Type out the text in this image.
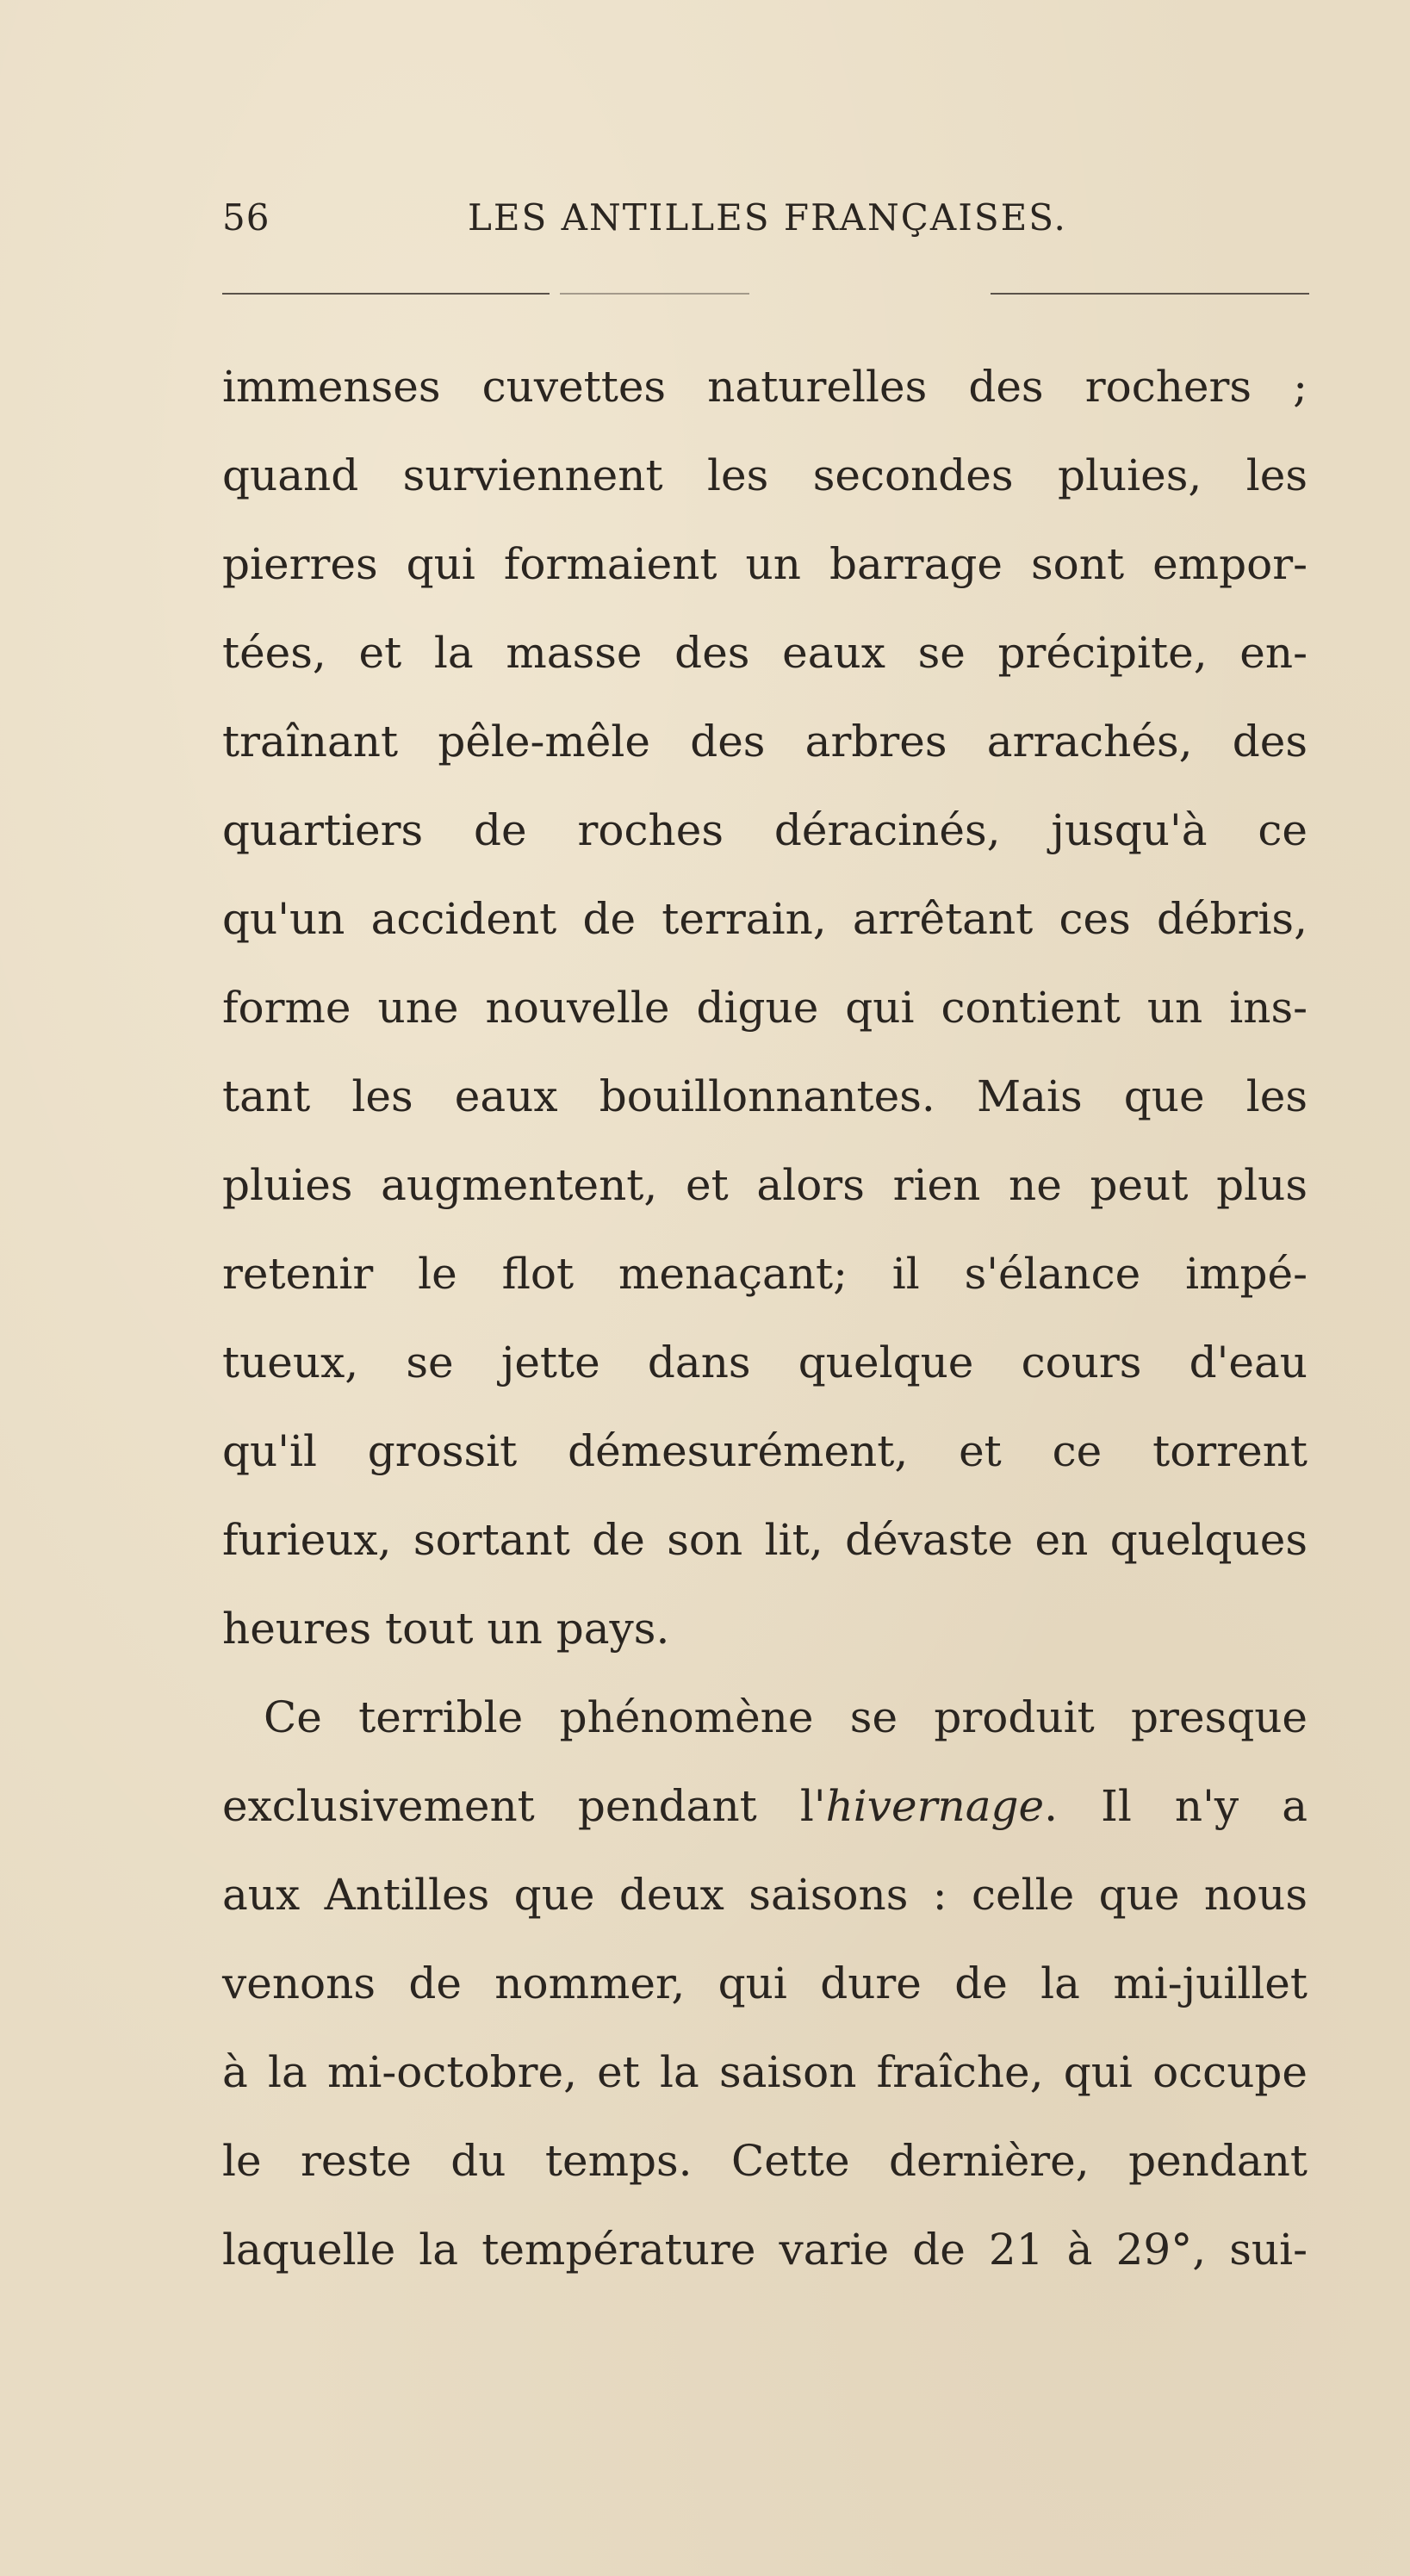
56	LES ANTILLES FRANÇAISES.
immenses cuvettes naturelles des rochers ;
quand surviennent les secondes pluies, les
pierres qui formaient un barrage sont empor-
tées, et la masse des eaux se précipite, en-
traînant pêle-mêle des arbres arrachés, des
quartiers de roches déracinés, jusqu'à ce
qu'un accident de terrain, arrêtant ces débris,
forme une nouvelle digue qui contient un ins-
tant les eaux bouillonnantes. Mais que les
pluies augmentent, et alors rien ne peut plus
retenir le flot menaçant; il s'élance impé-
tueux, se jette dans quelque cours d'eau
qu'il grossit démesurément, et ce torrent
furieux, sortant de son lit, dévaste en quelques
heures tout un pays.
Ce terrible phénomène se produit presque
exclusivement pendant l'hivernage. Il n'y a
aux Antilles que deux saisons : celle que nous
venons de nommer, qui dure de la mi-juillet
à la mi-octobre, et la saison fraîche, qui occupe
le reste du temps. Cette dernière, pendant
laquelle la température varie de 21 à 29°, sui-
